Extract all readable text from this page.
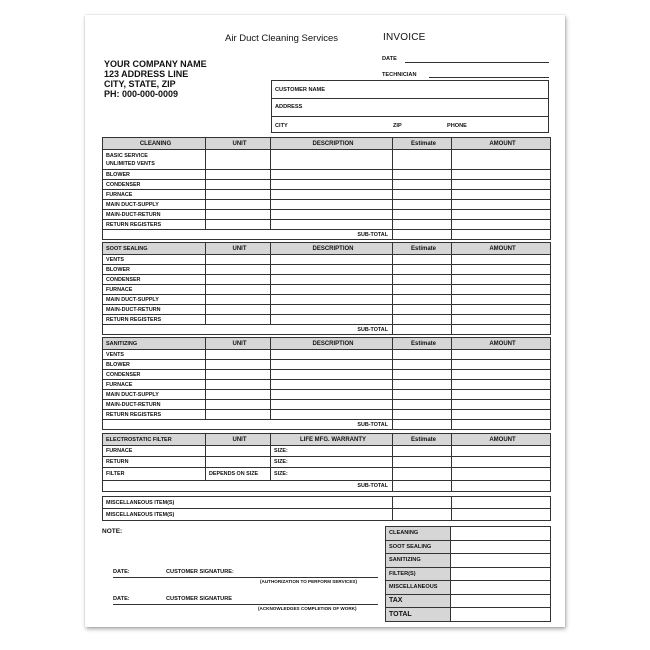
Air Duct Cleaning Services	INVOICE
DATE
TECHNICIAN
YOUR COMPANY NAME
123 ADDRESS LINE
CITY, STATE, ZIP
PH: 000-000-0009	CUSTOMER NAME
ADDRESS
CITY	ZIP	PHONE
CLEANING	UNIT	DESCRIPTION	Estimate	AMOUNT
BASIC SERVICE
UNLIMITED VENTS				
BLOWER				
CONDENSER				
FURNACE				
MAIN DUCT-SUPPLY				
MAIN-DUCT-RETURN				
RETURN REGISTERS				
SUB-TOTAL				
SOOT SEALING	UNIT	DESCRIPTION	Estimate	AMOUNT
VENTS				
BLOWER				
CONDENSER				
FURNACE				
MAIN DUCT-SUPPLY				
MAIN-DUCT-RETURN				
RETURN REGISTERS				
SUB-TOTAL				
SANITIZING	UNIT	DESCRIPTION	Estimate	AMOUNT
VENTS				
BLOWER				
CONDENSER				
FURNACE				
MAIN DUCT-SUPPLY				
MAIN-DUCT-RETURN				
RETURN REGISTERS				
SUB-TOTAL				
ELECTROSTATIC FILTER	UNIT	LIFE MFG. WARRANTY	Estimate	AMOUNT
FURNACE		SIZE:		
RETURN		SIZE:		
FILTER	DEPENDS ON SIZE	SIZE:		
SUB-TOTAL				
MISCELLANEOUS ITEM(S)		
MISCELLANEOUS ITEM(S)		
NOTE:	CLEANING	
SOOT SEALING	
SANITIZING	
FILTER(S)	
MISCELLANEOUS	
TAX	
TOTAL	
DATE:	CUSTOMER SIGNATURE:
(AUTHORIZATION TO PERFORM SERVICES)
DATE:	CUSTOMER SIGNATURE
(ACKNOWLEDGES COMPLETION OF WORK)
